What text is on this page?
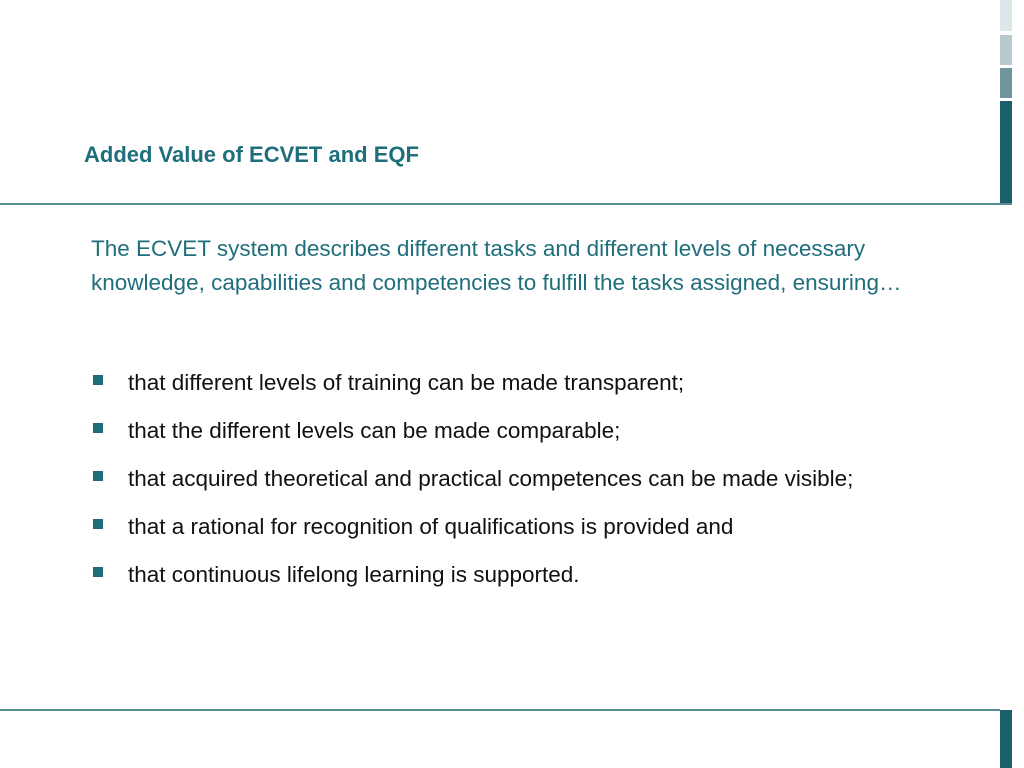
Added Value of ECVET and EQF
The ECVET system describes different tasks and different levels of necessary knowledge, capabilities and competencies to fulfill the tasks assigned, ensuring…
that different levels of training can be made transparent;
that the different levels can be made comparable;
that acquired theoretical and practical competences can be made visible;
that a rational for recognition of qualifications is provided and
that continuous lifelong learning is supported.
